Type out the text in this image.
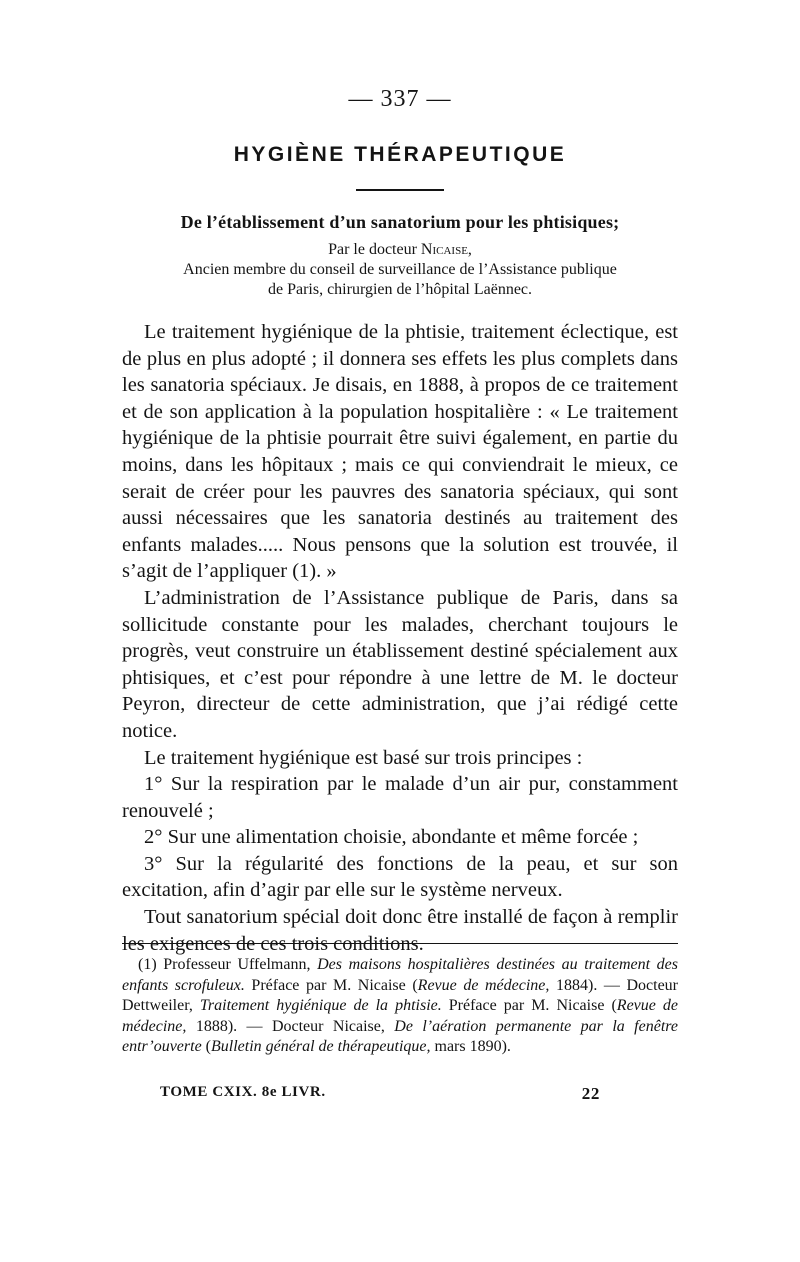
— 337 —
HYGIÈNE THÉRAPEUTIQUE
De l’établissement d’un sanatorium pour les phtisiques;
Par le docteur Nicaise,
Ancien membre du conseil de surveillance de l’Assistance publique
de Paris, chirurgien de l’hôpital Laënnec.

Le traitement hygiénique de la phtisie, traitement éclectique, est de plus en plus adopté ; il donnera ses effets les plus complets dans les sanatoria spéciaux. Je disais, en 1888, à propos de ce traitement et de son application à la population hospitalière : « Le traitement hygiénique de la phtisie pourrait être suivi également, en partie du moins, dans les hôpitaux ; mais ce qui conviendrait le mieux, ce serait de créer pour les pauvres des sanatoria spéciaux, qui sont aussi nécessaires que les sanatoria destinés au traitement des enfants malades..... Nous pensons que la solution est trouvée, il s’agit de l’appliquer (1). »

L’administration de l’Assistance publique de Paris, dans sa sollicitude constante pour les malades, cherchant toujours le progrès, veut construire un établissement destiné spécialement aux phtisiques, et c’est pour répondre à une lettre de M. le docteur Peyron, directeur de cette administration, que j’ai rédigé cette notice.

Le traitement hygiénique est basé sur trois principes :

1° Sur la respiration par le malade d’un air pur, constamment renouvelé ;

2° Sur une alimentation choisie, abondante et même forcée ;

3° Sur la régularité des fonctions de la peau, et sur son excitation, afin d’agir par elle sur le système nerveux.

Tout sanatorium spécial doit donc être installé de façon à remplir les exigences de ces trois conditions.

(1) Professeur Uffelmann, Des maisons hospitalières destinées au traitement des enfants scrofuleux. Préface par M. Nicaise (Revue de médecine, 1884). — Docteur Dettweiler, Traitement hygiénique de la phtisie. Préface par M. Nicaise (Revue de médecine, 1888). — Docteur Nicaise, De l’aération permanente par la fenêtre entr’ouverte (Bulletin général de thérapeutique, mars 1890).

TOME CXIX. 8e LIVR.	22
